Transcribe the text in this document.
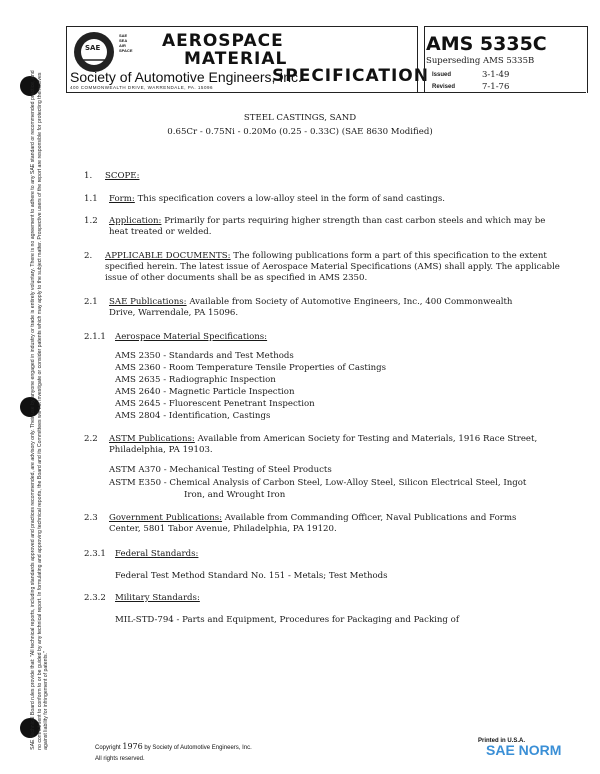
SAE
SAE
SEA
AIR
SPACE AEROSPACE
MATERIAL
SPECIFICATION
Society of Automotive Engineers, Inc.
400 COMMONWEALTH DRIVE, WARRENDALE, PA. 15096
AMS 5335C
Superseding AMS 5335B
Issued	3-1-49
Revised	7-1-76
SAE Technical Board rules provide that: "All technical reports, including standards approved and practices recommended, are advisory only. Their use by anyone engaged in industry or trade is entirely voluntary. There is no agreement to adhere to any SAE standard or recommended practice, and no commitment to conform to or be guided by any technical report. In formulating and approving technical reports, the Board and its Committees will not investigate or consider patents which may apply to the subject matter. Prospective users of the report are responsible for protecting themselves against liability for infringement of patents."
STEEL CASTINGS, SAND
0.65Cr - 0.75Ni - 0.20Mo (0.25 - 0.33C) (SAE 8630 Modified)
1. SCOPE:
1.1 Form: This specification covers a low-alloy steel in the form of sand castings.
1.2 Application: Primarily for parts requiring higher strength than cast carbon steels and which may be heat treated or welded.
2. APPLICABLE DOCUMENTS: The following publications form a part of this specification to the extent specified herein. The latest issue of Aerospace Material Specifications (AMS) shall apply. The applicable issue of other documents shall be as specified in AMS 2350.
2.1 SAE Publications: Available from Society of Automotive Engineers, Inc., 400 Commonwealth Drive, Warrendale, PA 15096.
2.1.1 Aerospace Material Specifications:
AMS 2350 - Standards and Test Methods
AMS 2360 - Room Temperature Tensile Properties of Castings
AMS 2635 - Radiographic Inspection
AMS 2640 - Magnetic Particle Inspection
AMS 2645 - Fluorescent Penetrant Inspection
AMS 2804 - Identification, Castings
2.2 ASTM Publications: Available from American Society for Testing and Materials, 1916 Race Street, Philadelphia, PA 19103.
ASTM A370 - Mechanical Testing of Steel Products
ASTM E350 - Chemical Analysis of Carbon Steel, Low-Alloy Steel, Silicon Electrical Steel, Ingot
Iron, and Wrought Iron
2.3 Government Publications: Available from Commanding Officer, Naval Publications and Forms Center, 5801 Tabor Avenue, Philadelphia, PA 19120.
2.3.1 Federal Standards:
Federal Test Method Standard No. 151 - Metals; Test Methods
2.3.2 Military Standards:
MIL-STD-794 - Parts and Equipment, Procedures for Packaging and Packing of
Copyright 1976 by Society of Automotive Engineers, Inc.
All rights reserved.
Printed in U.S.A.
SAE NORM
